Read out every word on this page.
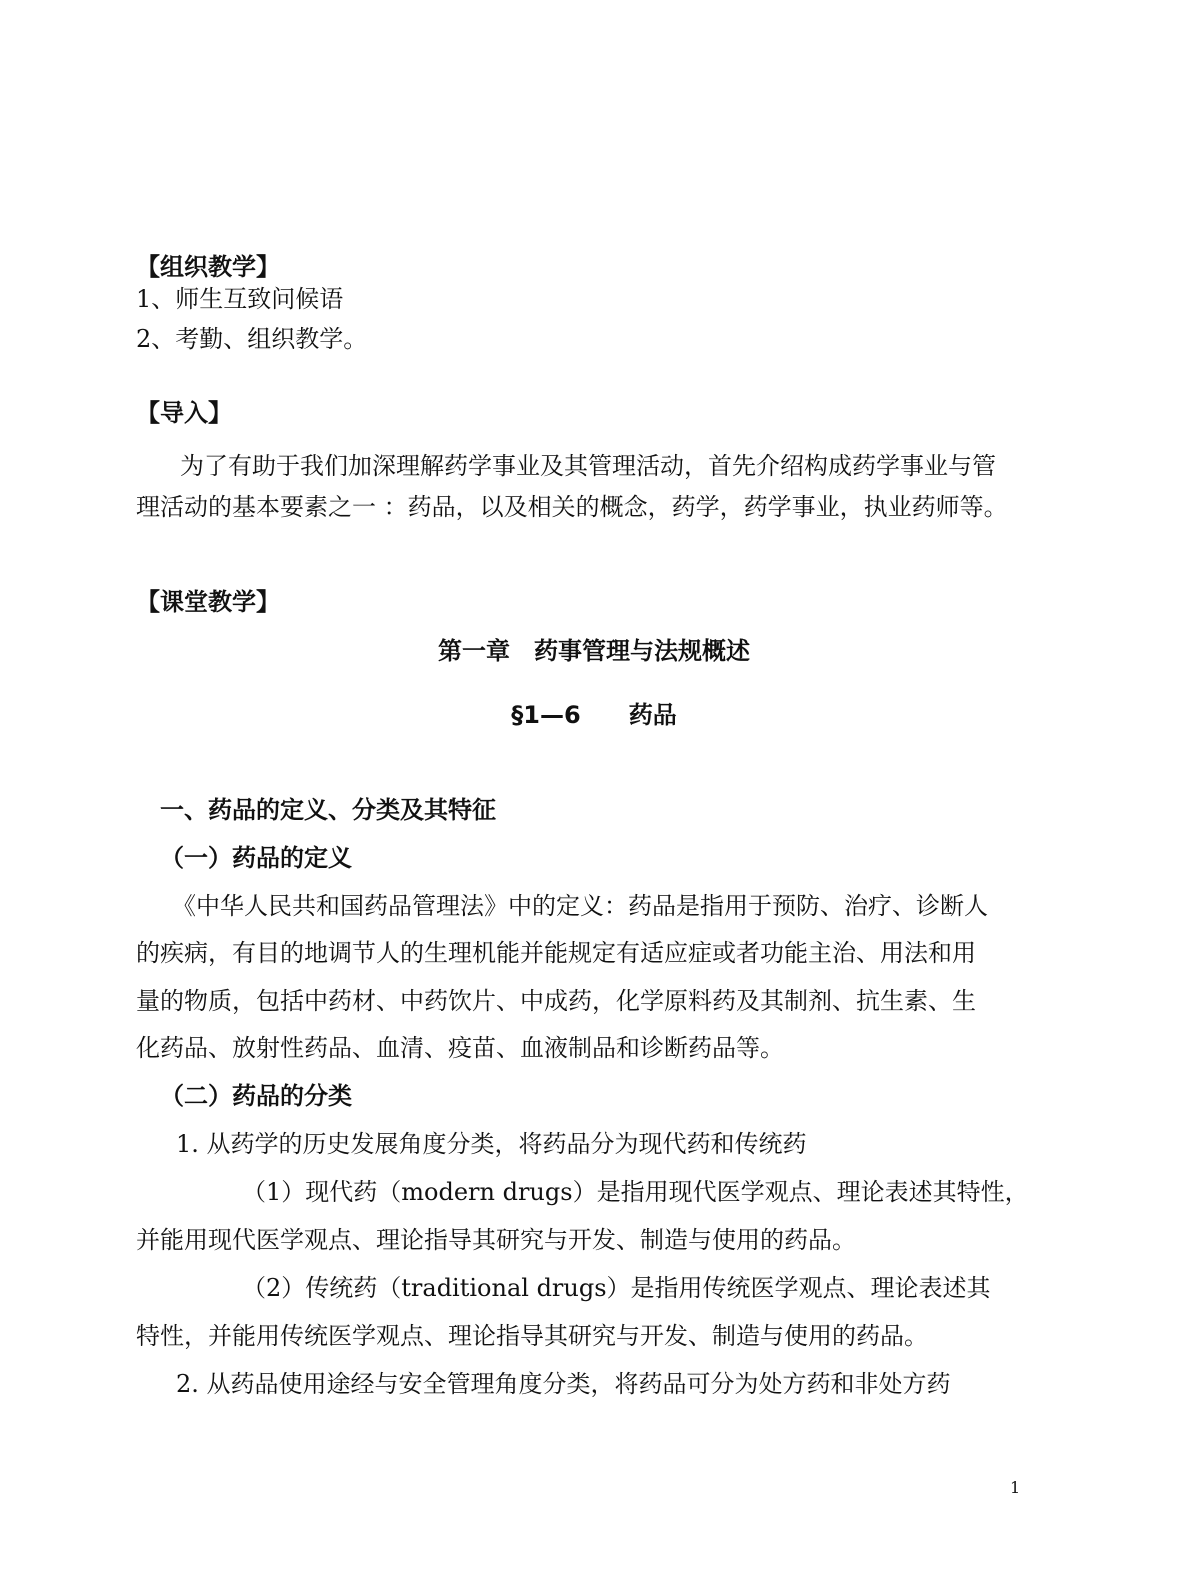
【组织教学】
1、师生互致问候语
2、考勤、组织教学。
【导入】
为了有助于我们加深理解药学事业及其管理活动，首先介绍构成药学事业与管
理活动的基本要素之一 ：药品，以及相关的概念，药学，药学事业，执业药师等。
【课堂教学】
第一章　药事管理与法规概述
§1—6　　药品
一、药品的定义、分类及其特征
（一）药品的定义
《中华人民共和国药品管理法》中的定义：药品是指用于预防、治疗、诊断人
的疾病，有目的地调节人的生理机能并能规定有适应症或者功能主治、用法和用
量的物质，包括中药材、中药饮片、中成药，化学原料药及其制剂、抗生素、生
化药品、放射性药品、血清、疫苗、血液制品和诊断药品等。
（二）药品的分类
1. 从药学的历史发展角度分类，将药品分为现代药和传统药
（1）现代药（modern drugs）是指用现代医学观点、理论表述其特性，
并能用现代医学观点、理论指导其研究与开发、制造与使用的药品。
（2）传统药（traditional drugs）是指用传统医学观点、理论表述其
特性，并能用传统医学观点、理论指导其研究与开发、制造与使用的药品。
2. 从药品使用途经与安全管理角度分类，将药品可分为处方药和非处方药
1
